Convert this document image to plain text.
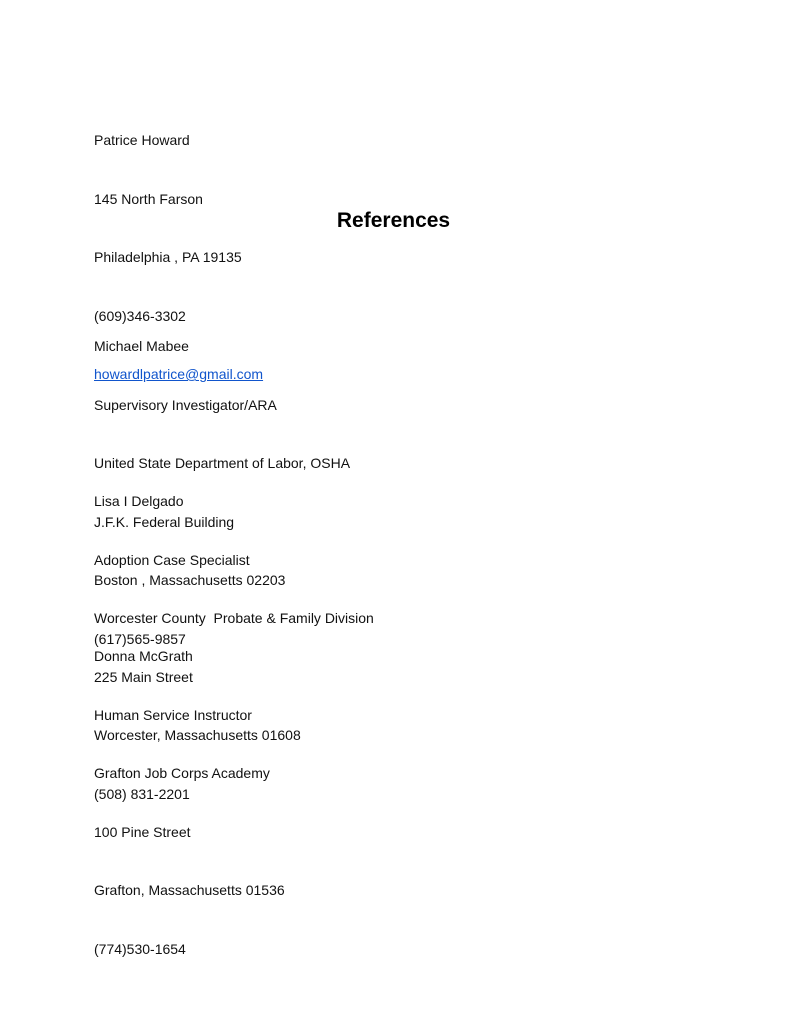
Patrice Howard

145 North Farson

Philadelphia , PA 19135

(609)346-3302

howardlpatrice@gmail.com

References

Michael Mabee

Supervisory Investigator/ARA

United State Department of Labor, OSHA

J.F.K. Federal Building

Boston , Massachusetts 02203

(617)565-9857

Lisa I Delgado

Adoption Case Specialist

Worcester County  Probate & Family Division

225 Main Street

Worcester, Massachusetts 01608

(508) 831-2201

Donna McGrath

Human Service Instructor

Grafton Job Corps Academy

100 Pine Street

Grafton, Massachusetts 01536

(774)530-1654
